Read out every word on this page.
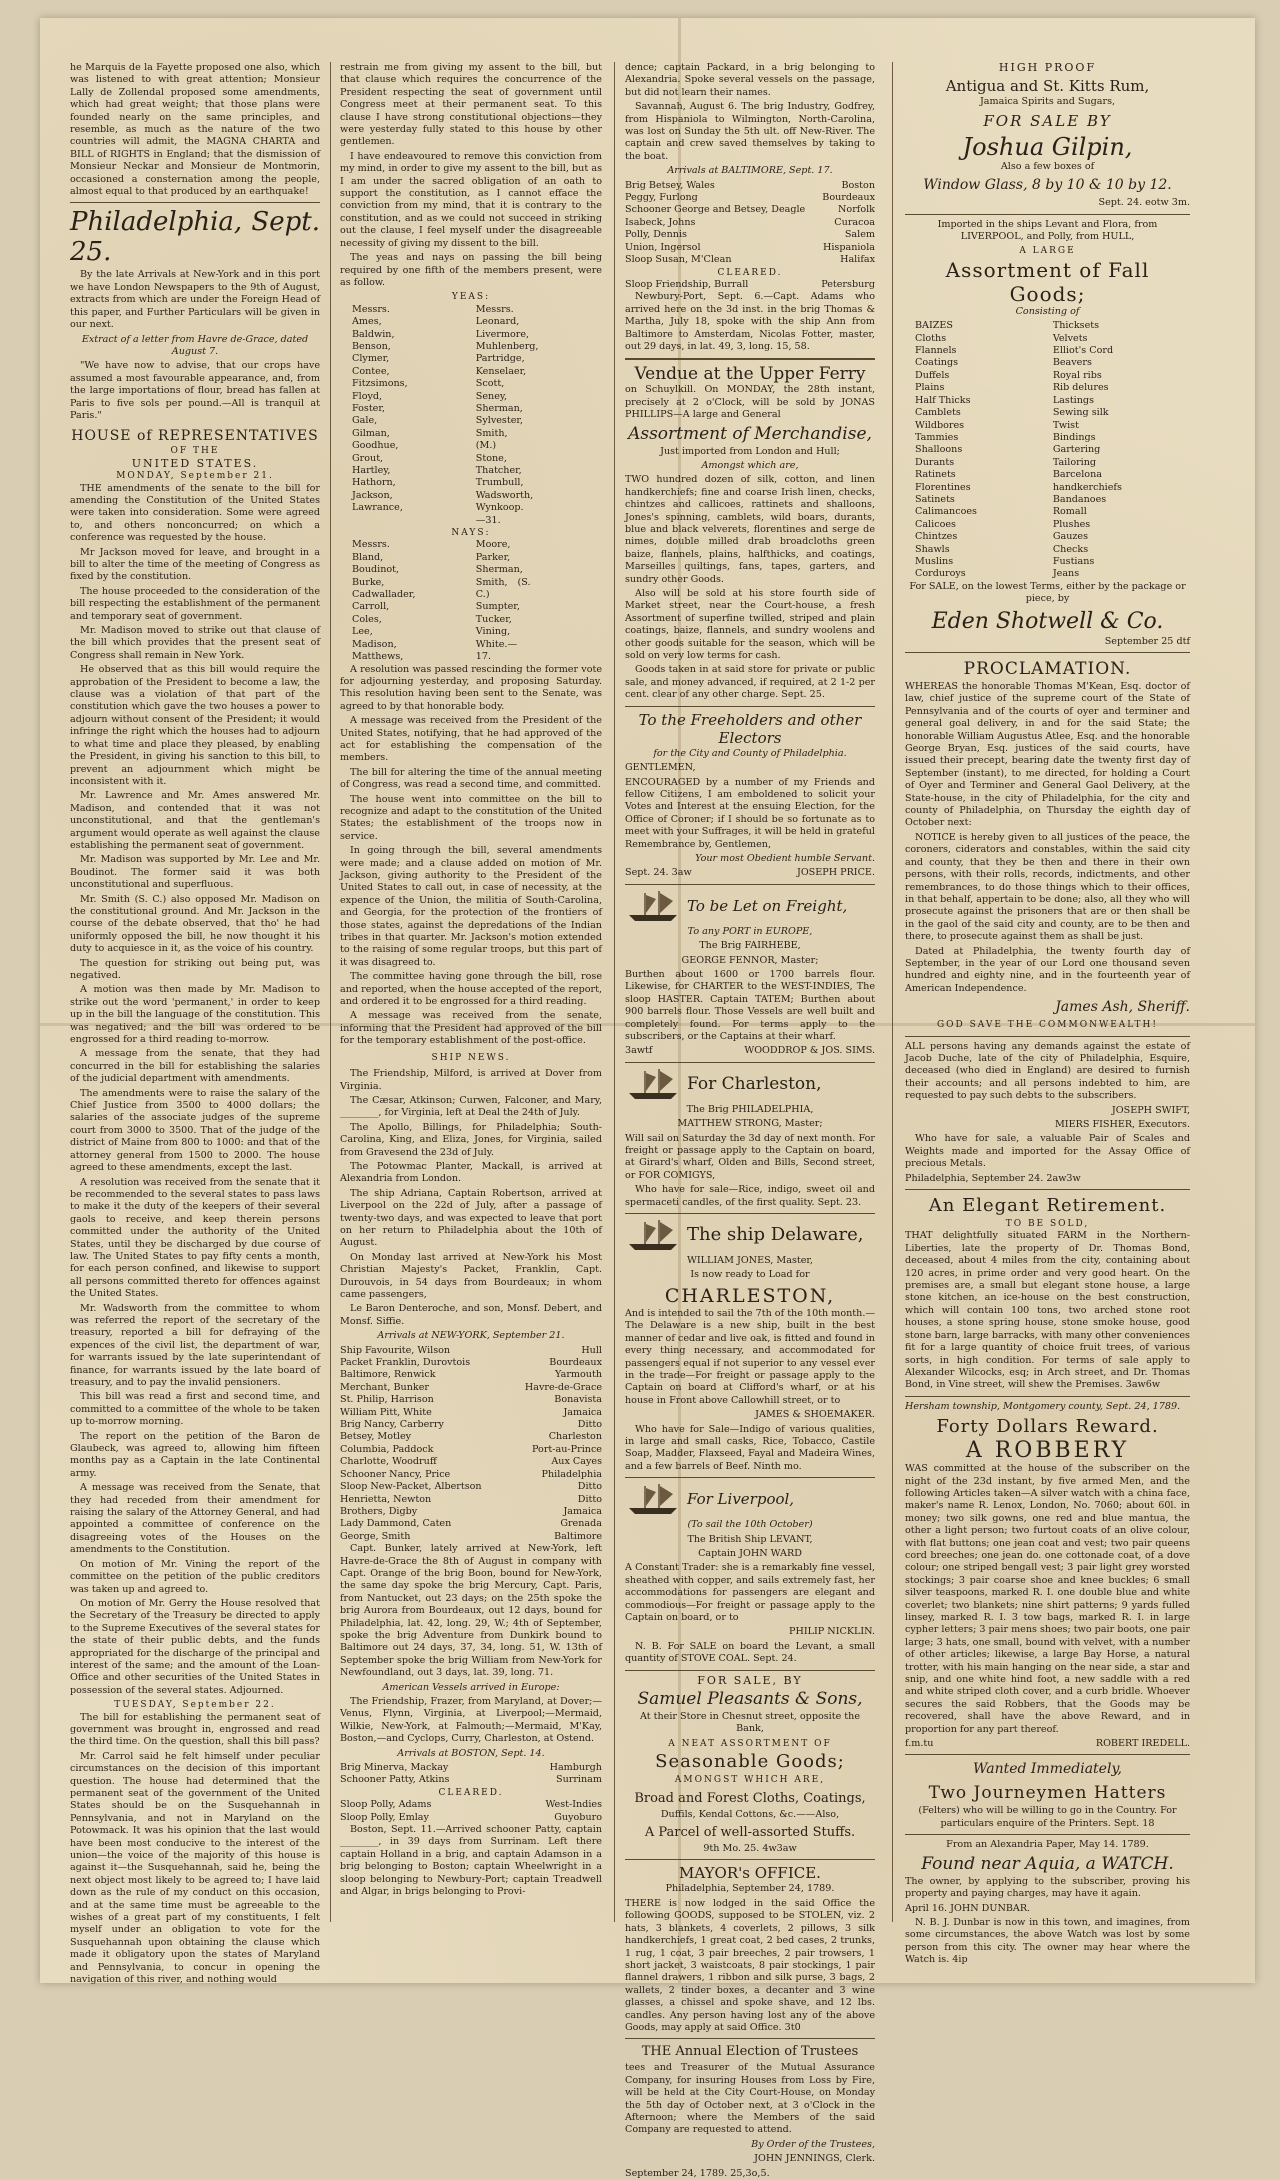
he Marquis de la Fayette proposed one also, which was listened to with great attention; Monsieur Lally de Zollendal proposed some amendments, which had great weight; that those plans were founded nearly on the same principles, and resemble, as much as the nature of the two countries will admit, the MAGNA CHARTA and BILL of RIGHTS in England; that the dismission of Monsieur Neckar and Monsieur de Montmorin, occasioned a consternation among the people, almost equal to that produced by an earthquake!

Philadelphia, Sept. 25.

By the late Arrivals at New-York and in this port we have London Newspapers to the 9th of August, extracts from which are under the Foreign Head of this paper, and Further Particulars will be given in our next.

Extract of a letter from Havre de-Grace, dated August 7.

"We have now to advise, that our crops have assumed a most favourable appearance, and, from the large importations of flour, bread has fallen at Paris to five sols per pound.—All is tranquil at Paris."

HOUSE of REPRESENTATIVES
OF THE
UNITED STATES.
MONDAY, September 21.

THE amendments of the senate to the bill for amending the Constitution of the United States were taken into consideration. Some were agreed to, and others nonconcurred; on which a conference was requested by the house.

Mr Jackson moved for leave, and brought in a bill to alter the time of the meeting of Congress as fixed by the constitution.

The house proceeded to the consideration of the bill respecting the establishment of the permanent and temporary seat of government.

Mr. Madison moved to strike out that clause of the bill which provides that the present seat of Congress shall remain in New York.

He observed that as this bill would require the approbation of the President to become a law, the clause was a violation of that part of the constitution which gave the two houses a power to adjourn without consent of the President; it would infringe the right which the houses had to adjourn to what time and place they pleased, by enabling the President, in giving his sanction to this bill, to prevent an adjournment which might be inconsistent with it.

Mr. Lawrence and Mr. Ames answered Mr. Madison, and contended that it was not unconstitutional, and that the gentleman's argument would operate as well against the clause establishing the permanent seat of government.

Mr. Madison was supported by Mr. Lee and Mr. Boudinot. The former said it was both unconstitutional and superfluous.

Mr. Smith (S. C.) also opposed Mr. Madison on the constitutional ground. And Mr. Jackson in the course of the debate observed, that tho' he had uniformly opposed the bill, he now thought it his duty to acquiesce in it, as the voice of his country.

The question for striking out being put, was negatived.

A motion was then made by Mr. Madison to strike out the word 'permanent,' in order to keep up in the bill the language of the constitution. This was negatived; and the bill was ordered to be engrossed for a third reading to-morrow.

A message from the senate, that they had concurred in the bill for establishing the salaries of the judicial department with amendments.

The amendments were to raise the salary of the Chief Justice from 3500 to 4000 dollars; the salaries of the associate judges of the supreme court from 3000 to 3500. That of the judge of the district of Maine from 800 to 1000: and that of the attorney general from 1500 to 2000. The house agreed to these amendments, except the last.

A resolution was received from the senate that it be recommended to the several states to pass laws to make it the duty of the keepers of their several gaols to receive, and keep therein persons committed under the authority of the United States, until they be discharged by due course of law. The United States to pay fifty cents a month, for each person confined, and likewise to support all persons committed thereto for offences against the United States.

Mr. Wadsworth from the committee to whom was referred the report of the secretary of the treasury, reported a bill for defraying of the expences of the civil list, the department of war, for warrants issued by the late superintendant of finance, for warrants issued by the late board of treasury, and to pay the invalid pensioners.

This bill was read a first and second time, and committed to a committee of the whole to be taken up to-morrow morning.

The report on the petition of the Baron de Glaubeck, was agreed to, allowing him fifteen months pay as a Captain in the late Continental army.

A message was received from the Senate, that they had receded from their amendment for raising the salary of the Attorney General, and had appointed a committee of conference on the disagreeing votes of the Houses on the amendments to the Constitution.

On motion of Mr. Vining the report of the committee on the petition of the public creditors was taken up and agreed to.

On motion of Mr. Gerry the House resolved that the Secretary of the Treasury be directed to apply to the Supreme Executives of the several states for the state of their public debts, and the funds appropriated for the discharge of the principal and interest of the same; and the amount of the Loan-Office and other securities of the United States in possession of the several states. Adjourned.

TUESDAY, September 22.

The bill for establishing the permanent seat of government was brought in, engrossed and read the third time. On the question, shall this bill pass?

Mr. Carrol said he felt himself under peculiar circumstances on the decision of this important question. The house had determined that the permanent seat of the government of the United States should be on the Susquehannah in Pennsylvania, and not in Maryland on the Potowmack. It was his opinion that the last would have been most conducive to the interest of the union—the voice of the majority of this house is against it—the Susquehannah, said he, being the next object most likely to be agreed to; I have laid down as the rule of my conduct on this occasion, and at the same time must be agreeable to the wishes of a great part of my constituents, I felt myself under an obligation to vote for the Susquehannah upon obtaining the clause which made it obligatory upon the states of Maryland and Pennsylvania, to concur in opening the navigation of this river, and nothing would

restrain me from giving my assent to the bill, but that clause which requires the concurrence of the President respecting the seat of government until Congress meet at their permanent seat. To this clause I have strong constitutional objections—they were yesterday fully stated to this house by other gentlemen.

I have endeavoured to remove this conviction from my mind, in order to give my assent to the bill, but as I am under the sacred obligation of an oath to support the constitution, as I cannot efface the conviction from my mind, that it is contrary to the constitution, and as we could not succeed in striking out the clause, I feel myself under the disagreeable necessity of giving my dissent to the bill.

The yeas and nays on passing the bill being required by one fifth of the members present, were as follow.

YEAS:
Messrs. Ames,
Baldwin,
Benson,
Clymer,
Contee,
Fitzsimons,
Floyd,
Foster,
Gale,
Gilman,
Goodhue,
Grout,
Hartley,
Hathorn,
Jackson,
Lawrance,
Messrs. Leonard,
Livermore,
Muhlenberg,
Partridge,
Kenselaer,
Scott,
Seney,
Sherman,
Sylvester,
Smith, (M.)
Stone,
Thatcher,
Trumbull,
Wadsworth,
Wynkoop.—31.
NAYS:
Messrs. Bland,
Boudinot,
Burke,
Cadwallader,
Carroll,
Coles,
Lee,
Madison,
Matthews,
Moore,
Parker,
Sherman,
Smith, (S. C.)
Sumpter,
Tucker,
Vining,
White.—17.

A resolution was passed rescinding the former vote for adjourning yesterday, and proposing Saturday. This resolution having been sent to the Senate, was agreed to by that honorable body.

A message was received from the President of the United States, notifying, that he had approved of the act for establishing the compensation of the members.

The bill for altering the time of the annual meeting of Congress, was read a second time, and committed.

The house went into committee on the bill to recognize and adapt to the constitution of the United States; the establishment of the troops now in service.

In going through the bill, several amendments were made; and a clause added on motion of Mr. Jackson, giving authority to the President of the United States to call out, in case of necessity, at the expence of the Union, the militia of South-Carolina, and Georgia, for the protection of the frontiers of those states, against the depredations of the Indian tribes in that quarter. Mr. Jackson's motion extended to the raising of some regular troops, but this part of it was disagreed to.

The committee having gone through the bill, rose and reported, when the house accepted of the report, and ordered it to be engrossed for a third reading.

A message was received from the senate, informing that the President had approved of the bill for the temporary establishment of the post-office.

SHIP NEWS.

The Friendship, Milford, is arrived at Dover from Virginia.

The Cæsar, Atkinson; Curwen, Falconer, and Mary, ________, for Virginia, left at Deal the 24th of July.

The Apollo, Billings, for Philadelphia; South-Carolina, King, and Eliza, Jones, for Virginia, sailed from Gravesend the 23d of July.

The Potowmac Planter, Mackall, is arrived at Alexandria from London.

The ship Adriana, Captain Robertson, arrived at Liverpool on the 22d of July, after a passage of twenty-two days, and was expected to leave that port on her return to Philadelphia about the 10th of August.

On Monday last arrived at New-York his Most Christian Majesty's Packet, Franklin, Capt. Durouvois, in 54 days from Bourdeaux; in whom came passengers,

Le Baron Denteroche, and son, Monsf. Debert, and Monsf. Siffie.

Arrivals at NEW-YORK, September 21.

Ship Favourite, Wilson	Hull
Packet Franklin, Durovtois	Bourdeaux
Baltimore, Renwick	Yarmouth
Merchant, Bunker	Havre-de-Grace
St. Philip, Harrison	Bonavista
William Pitt, White	Jamaica
Brig Nancy, Carberry	Ditto
Betsey, Motley	Charleston
Columbia, Paddock	Port-au-Prince
Charlotte, Woodruff	Aux Cayes
Schooner Nancy, Price	Philadelphia
Sloop New-Packet, Albertson	Ditto
Henrietta, Newton	Ditto
Brothers, Digby	Jamaica
Lady Dammond, Caten	Grenada
George, Smith	Baltimore

Capt. Bunker, lately arrived at New-York, left Havre-de-Grace the 8th of August in company with Capt. Orange of the brig Boon, bound for New-York, the same day spoke the brig Mercury, Capt. Paris, from Nantucket, out 23 days; on the 25th spoke the brig Aurora from Bourdeaux, out 12 days, bound for Philadelphia, lat. 42, long. 29, W.; 4th of September, spoke the brig Adventure from Dunkirk bound to Baltimore out 24 days, 37, 34, long. 51, W. 13th of September spoke the brig William from New-York for Newfoundland, out 3 days, lat. 39, long. 71.

American Vessels arrived in Europe:

The Friendship, Frazer, from Maryland, at Dover;—Venus, Flynn, Virginia, at Liverpool;—Mermaid, Wilkie, New-York, at Falmouth;—Mermaid, M'Kay, Boston,—and Cyclops, Curry, Charleston, at Ostend.

Arrivals at BOSTON, Sept. 14.

Brig Minerva, Mackay	Hamburgh
Schooner Patty, Atkins	Surrinam
CLEARED.
Sloop Polly, Adams	West-Indies
Sloop Polly, Emlay	Guyoburo

Boston, Sept. 11.—Arrived schooner Patty, captain ________, in 39 days from Surrinam. Left there captain Holland in a brig, and captain Adamson in a brig belonging to Boston; captain Wheelwright in a sloop belonging to Newbury-Port; captain Treadwell and Algar, in brigs belonging to Provi-

dence; captain Packard, in a brig belonging to Alexandria. Spoke several vessels on the passage, but did not learn their names.

Savannah, August 6. The brig Industry, Godfrey, from Hispaniola to Wilmington, North-Carolina, was lost on Sunday the 5th ult. off New-River. The captain and crew saved themselves by taking to the boat.

Arrivals at BALTIMORE, Sept. 17.

Brig Betsey, Wales	Boston
Peggy, Furlong	Bourdeaux
Schooner George and Betsey, Deagle	Norfolk
Isabeck, Johns	Curacoa
Polly, Dennis	Salem
Union, Ingersol	Hispaniola
Sloop Susan, M'Clean	Halifax
CLEARED.
Sloop Friendship, Burrall	Petersburg

Newbury-Port, Sept. 6.—Capt. Adams who arrived here on the 3d inst. in the brig Thomas & Martha, July 18, spoke with the ship Ann from Baltimore to Amsterdam, Nicolas Fotter, master, out 29 days, in lat. 49, 3, long. 15, 58.

Vendue at the Upper Ferry

on Schuylkill. On MONDAY, the 28th instant, precisely at 2 o'Clock, will be sold by JONAS PHILLIPS—A large and General

Assortment of Merchandise,

Just imported from London and Hull;

Amongst which are,

TWO hundred dozen of silk, cotton, and linen handkerchiefs; fine and coarse Irish linen, checks, chintzes and callicoes, rattinets and shalloons, Jones's spinning, camblets, wild boars, durants, blue and black velverets, florentines and serge de nimes, double milled drab broadcloths green baize, flannels, plains, halfthicks, and coatings, Marseilles quiltings, fans, tapes, garters, and sundry other Goods.

Also will be sold at his store fourth side of Market street, near the Court-house, a fresh Assortment of superfine twilled, striped and plain coatings, baize, flannels, and sundry woolens and other goods suitable for the season, which will be sold on very low terms for cash.

Goods taken in at said store for private or public sale, and money advanced, if required, at 2 1-2 per cent. clear of any other charge. Sept. 25.

To the Freeholders and other Electors

for the City and County of Philadelphia.

GENTLEMEN,

ENCOURAGED by a number of my Friends and fellow Citizens, I am emboldened to solicit your Votes and Interest at the ensuing Election, for the Office of Coroner; if I should be so fortunate as to meet with your Suffrages, it will be held in grateful Remembrance by, Gentlemen,

Your most Obedient humble Servant.

Sept. 24. 3aw	JOSEPH PRICE.
To be Let on Freight,

To any PORT in EUROPE,

The Brig FAIRHEBE,

GEORGE FENNOR, Master;

Burthen about 1600 or 1700 barrels flour. Likewise, for CHARTER to the WEST-INDIES, The sloop HASTER. Captain TATEM; Burthen about 900 barrels flour. Those Vessels are well built and completely found. For terms apply to the subscribers, or the Captains at their wharf.

3awtf	WOODDROP & JOS. SIMS.
For Charleston,

The Brig PHILADELPHIA,

MATTHEW STRONG, Master;

Will sail on Saturday the 3d day of next month. For freight or passage apply to the Captain on board, at Girard's wharf, Olden and Bills, Second street, or FOR COMIGYS,

Who have for sale—Rice, indigo, sweet oil and spermaceti candles, of the first quality. Sept. 23.

The ship Delaware,

WILLIAM JONES, Master,

Is now ready to Load for

CHARLESTON,

And is intended to sail the 7th of the 10th month.—The Delaware is a new ship, built in the best manner of cedar and live oak, is fitted and found in every thing necessary, and accommodated for passengers equal if not superior to any vessel ever in the trade—For freight or passage apply to the Captain on board at Clifford's wharf, or at his house in Front above Callowhill street, or to

JAMES & SHOEMAKER.

Who have for Sale—Indigo of various qualities, in large and small casks, Rice, Tobacco, Castile Soap, Madder, Flaxseed, Fayal and Madeira Wines, and a few barrels of Beef. Ninth mo.

For Liverpool,

(To sail the 10th October)

The British Ship LEVANT,

Captain JOHN WARD

A Constant Trader: she is a remarkably fine vessel, sheathed with copper, and sails extremely fast, her accommodations for passengers are elegant and commodious—For freight or passage apply to the Captain on board, or to

PHILIP NICKLIN.

N. B. For SALE on board the Levant, a small quantity of STOVE COAL. Sept. 24.

FOR SALE, BY
Samuel Pleasants & Sons,

At their Store in Chesnut street, opposite the Bank,

A NEAT ASSORTMENT OF
Seasonable Goods;
AMONGST WHICH ARE,
Broad and Forest Cloths, Coatings,

Duffils, Kendal Cottons, &c.——Also,

A Parcel of well-assorted Stuffs.

9th Mo. 25. 4w3aw

MAYOR's OFFICE.

Philadelphia, September 24, 1789.

THERE is now lodged in the said Office the following GOODS, supposed to be STOLEN, viz. 2 hats, 3 blankets, 4 coverlets, 2 pillows, 3 silk handkerchiefs, 1 great coat, 2 bed cases, 2 trunks, 1 rug, 1 coat, 3 pair breeches, 2 pair trowsers, 1 short jacket, 3 waistcoats, 8 pair stockings, 1 pair flannel drawers, 1 ribbon and silk purse, 3 bags, 2 wallets, 2 tinder boxes, a decanter and 3 wine glasses, a chissel and spoke shave, and 12 lbs. candles. Any person having lost any of the above Goods, may apply at said Office. 3t0

THE Annual Election of Trustees

tees and Treasurer of the Mutual Assurance Company, for insuring Houses from Loss by Fire, will be held at the City Court-House, on Monday the 5th day of October next, at 3 o'Clock in the Afternoon; where the Members of the said Company are requested to attend.

By Order of the Trustees,

JOHN JENNINGS, Clerk.

September 24, 1789. 25,3o,5.

HIGH PROOF
Antigua and St. Kitts Rum,

Jamaica Spirits and Sugars,

FOR SALE BY
Joshua Gilpin,

Also a few boxes of

Window Glass, 8 by 10 & 10 by 12.

Sept. 24. eotw 3m.

Imported in the ships Levant and Flora, from LIVERPOOL, and Polly, from HULL,

A LARGE
Assortment of Fall Goods;

Consisting of

BAIZES
Cloths
Flannels
Coatings
Duffels
Plains
Half Thicks
Camblets
Wildbores
Tammies
Shalloons
Durants
Ratinets
Florentines
Satinets
Calimancoes
Calicoes
Chintzes
Shawls
Muslins
Corduroys
Thicksets
Velvets
Elliot's Cord
Beavers
Royal ribs
Rib delures
Lastings
Sewing silk
Twist
Bindings
Gartering
Tailoring
Barcelona handkerchiefs
Bandanoes
Romall
Plushes
Gauzes
Checks
Fustians
Jeans

For SALE, on the lowest Terms, either by the package or piece, by

Eden Shotwell & Co.

September 25 dtf

PROCLAMATION.

WHEREAS the honorable Thomas M'Kean, Esq. doctor of law, chief justice of the supreme court of the State of Pennsylvania and of the courts of oyer and terminer and general goal delivery, in and for the said State; the honorable William Augustus Atlee, Esq. and the honorable George Bryan, Esq. justices of the said courts, have issued their precept, bearing date the twenty first day of September (instant), to me directed, for holding a Court of Oyer and Terminer and General Gaol Delivery, at the State-house, in the city of Philadelphia, for the city and county of Philadelphia, on Thursday the eighth day of October next:

NOTICE is hereby given to all justices of the peace, the coroners, ciderators and constables, within the said city and county, that they be then and there in their own persons, with their rolls, records, indictments, and other remembrances, to do those things which to their offices, in that behalf, appertain to be done; also, all they who will prosecute against the prisoners that are or then shall be in the gaol of the said city and county, are to be then and there, to prosecute against them as shall be just.

Dated at Philadelphia, the twenty fourth day of September, in the year of our Lord one thousand seven hundred and eighty nine, and in the fourteenth year of American Independence.

James Ash, Sheriff.
GOD SAVE THE COMMONWEALTH!

ALL persons having any demands against the estate of Jacob Duche, late of the city of Philadelphia, Esquire, deceased (who died in England) are desired to furnish their accounts; and all persons indebted to him, are requested to pay such debts to the subscribers.

JOSEPH SWIFT,

MIERS FISHER, Executors.

Who have for sale, a valuable Pair of Scales and Weights made and imported for the Assay Office of precious Metals.

Philadelphia, September 24. 2aw3w

An Elegant Retirement.
TO BE SOLD,

THAT delightfully situated FARM in the Northern-Liberties, late the property of Dr. Thomas Bond, deceased, about 4 miles from the city, containing about 120 acres, in prime order and very good heart. On the premises are, a small but elegant stone house, a large stone kitchen, an ice-house on the best construction, which will contain 100 tons, two arched stone root houses, a stone spring house, stone smoke house, good stone barn, large barracks, with many other conveniences fit for a large quantity of choice fruit trees, of various sorts, in high condition. For terms of sale apply to Alexander Wilcocks, esq; in Arch street, and Dr. Thomas Bond, in Vine street, will shew the Premises. 3aw6w

Hersham township, Montgomery county, Sept. 24, 1789.

Forty Dollars Reward.
A ROBBERY

WAS committed at the house of the subscriber on the night of the 23d instant, by five armed Men, and the following Articles taken—A silver watch with a china face, maker's name R. Lenox, London, No. 7060; about 60l. in money; two silk gowns, one red and blue mantua, the other a light person; two furtout coats of an olive colour, with flat buttons; one jean coat and vest; two pair queens cord breeches; one jean do. one cottonade coat, of a dove colour; one striped bengall vest; 3 pair light grey worsted stockings; 3 pair coarse shoe and knee buckles; 6 small silver teaspoons, marked R. I. one double blue and white coverlet; two blankets; nine shirt patterns; 9 yards fulled linsey, marked R. I. 3 tow bags, marked R. I. in large cypher letters; 3 pair mens shoes; two pair boots, one pair large; 3 hats, one small, bound with velvet, with a number of other articles; likewise, a large Bay Horse, a natural trotter, with his main hanging on the near side, a star and snip, and one white hind foot, a new saddle with a red and white striped cloth cover, and a curb bridle. Whoever secures the said Robbers, that the Goods may be recovered, shall have the above Reward, and in proportion for any part thereof.

f.m.tu	ROBERT IREDELL.
Wanted Immediately,
Two Journeymen Hatters

(Felters) who will be willing to go in the Country. For particulars enquire of the Printers. Sept. 18

From an Alexandria Paper, May 14. 1789.

Found near Aquia, a WATCH.

The owner, by applying to the subscriber, proving his property and paying charges, may have it again.

April 16. JOHN DUNBAR.

N. B. J. Dunbar is now in this town, and imagines, from some circumstances, the above Watch was lost by some person from this city. The owner may hear where the Watch is. 4ip
